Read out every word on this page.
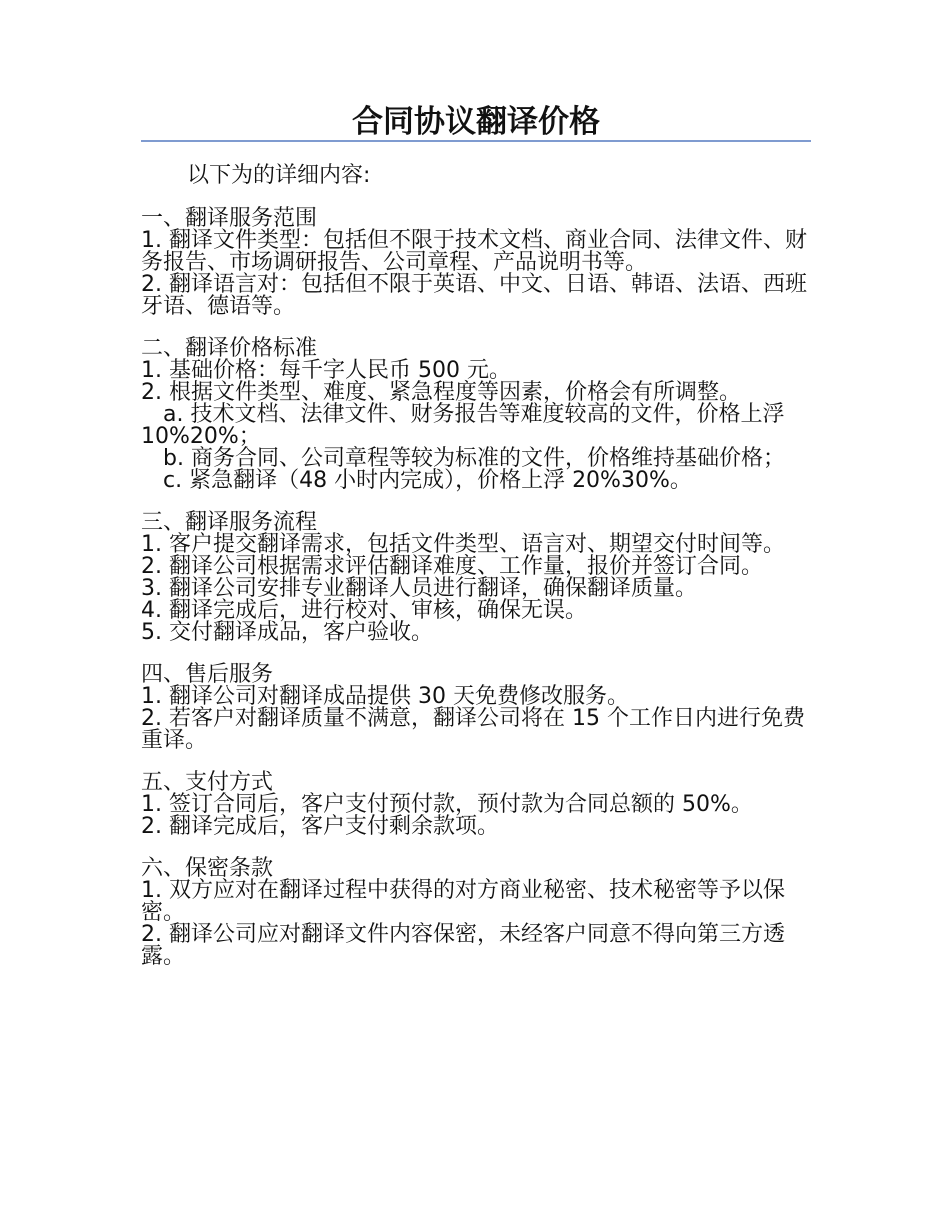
合同协议翻译价格

以下为的详细内容:

一、翻译服务范围

1. 翻译文件类型：包括但不限于技术文档、商业合同、法律文件、财务报告、市场调研报告、公司章程、产品说明书等。

2. 翻译语言对：包括但不限于英语、中文、日语、韩语、法语、西班牙语、德语等。

二、翻译价格标准

1. 基础价格：每千字人民币 500 元。

2. 根据文件类型、难度、紧急程度等因素，价格会有所调整。

a. 技术文档、法律文件、财务报告等难度较高的文件，价格上浮 10%20%；

b. 商务合同、公司章程等较为标准的文件，价格维持基础价格；

c. 紧急翻译（48 小时内完成），价格上浮 20%30%。

三、翻译服务流程

1. 客户提交翻译需求，包括文件类型、语言对、期望交付时间等。

2. 翻译公司根据需求评估翻译难度、工作量，报价并签订合同。

3. 翻译公司安排专业翻译人员进行翻译，确保翻译质量。

4. 翻译完成后，进行校对、审核，确保无误。

5. 交付翻译成品，客户验收。

四、售后服务

1. 翻译公司对翻译成品提供 30 天免费修改服务。

2. 若客户对翻译质量不满意，翻译公司将在 15 个工作日内进行免费重译。

五、支付方式

1. 签订合同后，客户支付预付款，预付款为合同总额的 50%。

2. 翻译完成后，客户支付剩余款项。

六、保密条款

1. 双方应对在翻译过程中获得的对方商业秘密、技术秘密等予以保密。

2. 翻译公司应对翻译文件内容保密，未经客户同意不得向第三方透露。
